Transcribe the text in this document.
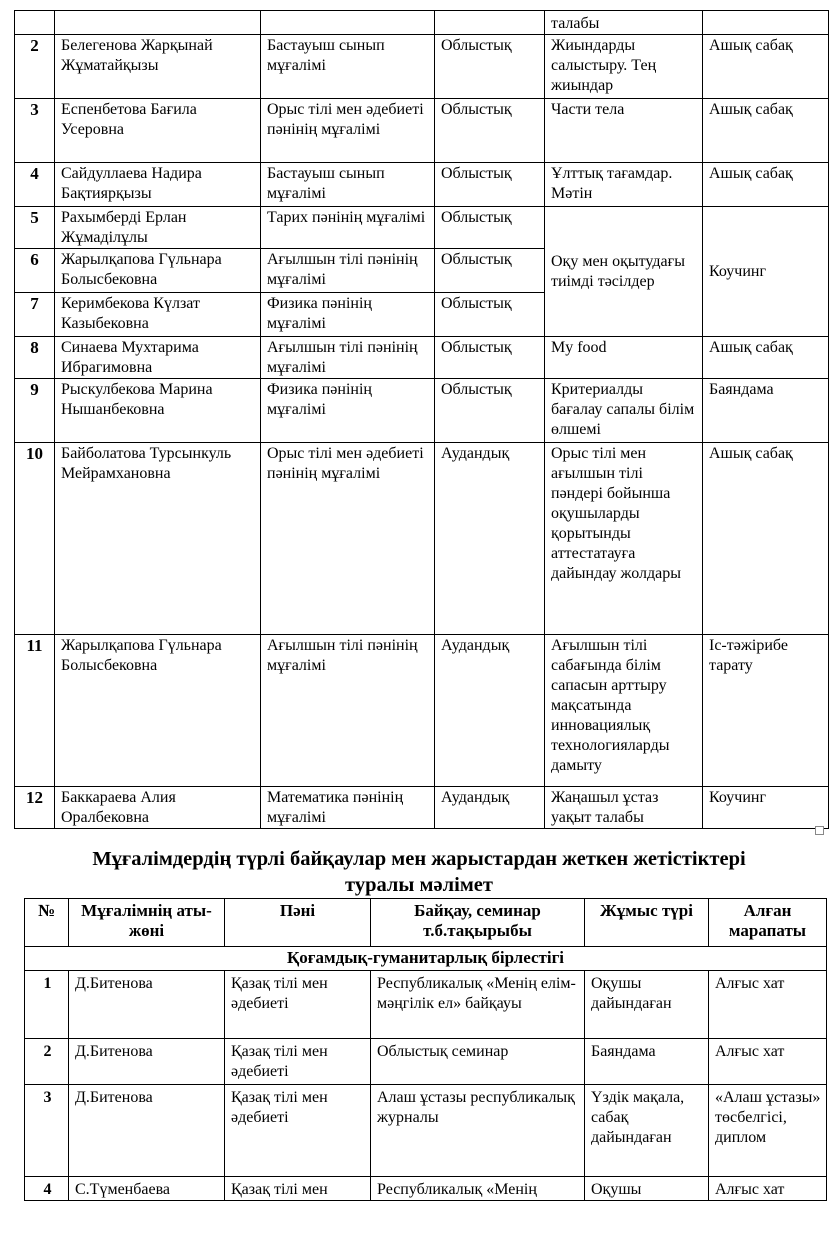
				талабы	
2	Белегенова Жарқынай Жұматайқызы	Бастауыш сынып мұғалімі	Облыстық	Жиындарды салыстыру. Тең жиындар	Ашық сабақ
3	Еспенбетова Бағила Усеровна	Орыс тілі мен әдебиеті пәнінің мұғалімі	Облыстық	Части тела	Ашық сабақ
4	Сайдуллаева Надира Бақтиярқызы	Бастауыш сынып мұғалімі	Облыстық	Ұлттық тағамдар. Мәтін	Ашық сабақ
5	Рахымберді Ерлан Жұмаділұлы	Тарих пәнінің мұғалімі	Облыстық	Оқу мен оқытудағы тиімді тәсілдер	Коучинг
6	Жарылқапова Гүльнара Болысбековна	Ағылшын тілі пәнінің мұғалімі	Облыстық		
7	Керимбекова Күлзат Казыбековна	Физика пәнінің мұғалімі	Облыстық		
8	Синаева Мухтарима Ибрагимовна	Ағылшын тілі пәнінің мұғалімі	Облыстық	My food	Ашық сабақ
9	Рыскулбекова Марина Нышанбековна	Физика пәнінің мұғалімі	Облыстық	Критериалды бағалау сапалы білім өлшемі	Баяндама
10	Байболатова Турсынкуль Мейрамхановна	Орыс тілі мен әдебиеті пәнінің мұғалімі	Аудандық	Орыс тілі мен ағылшын тілі пәндері бойынша оқушыларды қорытынды аттестатауға дайындау жолдары	Ашық сабақ
11	Жарылқапова Гүльнара Болысбековна	Ағылшын тілі пәнінің мұғалімі	Аудандық	Ағылшын тілі сабағында білім сапасын арттыру мақсатында инновациялық технологияларды дамыту	Іс-тәжірибе тарату
12	Баккараева Алия Оралбековна	Математика пәнінің мұғалімі	Аудандық	Жаңашыл ұстаз уақыт талабы	Коучинг
Мұғалімдердің түрлі байқаулар мен жарыстардан жеткен жетістіктері
туралы мәлімет
№	Мұғалімнің аты-жөні	Пәні	Байқау, семинар т.б.тақырыбы	Жұмыс түрі	Алған марапаты
Қоғамдық-гуманитарлық бірлестігі					
1	Д.Битенова	Қазақ тілі мен әдебиеті	Республикалық «Менің елім-мәңгілік ел» байқауы	Оқушы дайындаған	Алғыс хат
2	Д.Битенова	Қазақ тілі мен әдебиеті	Облыстық семинар	Баяндама	Алғыс хат
3	Д.Битенова	Қазақ тілі мен әдебиеті	Алаш ұстазы республикалық журналы	Үздік мақала, сабақ дайындаған	«Алаш ұстазы» төсбелгісі, диплом
4	С.Түменбаева	Қазақ тілі мен	Республикалық «Менің	Оқушы	Алғыс хат
